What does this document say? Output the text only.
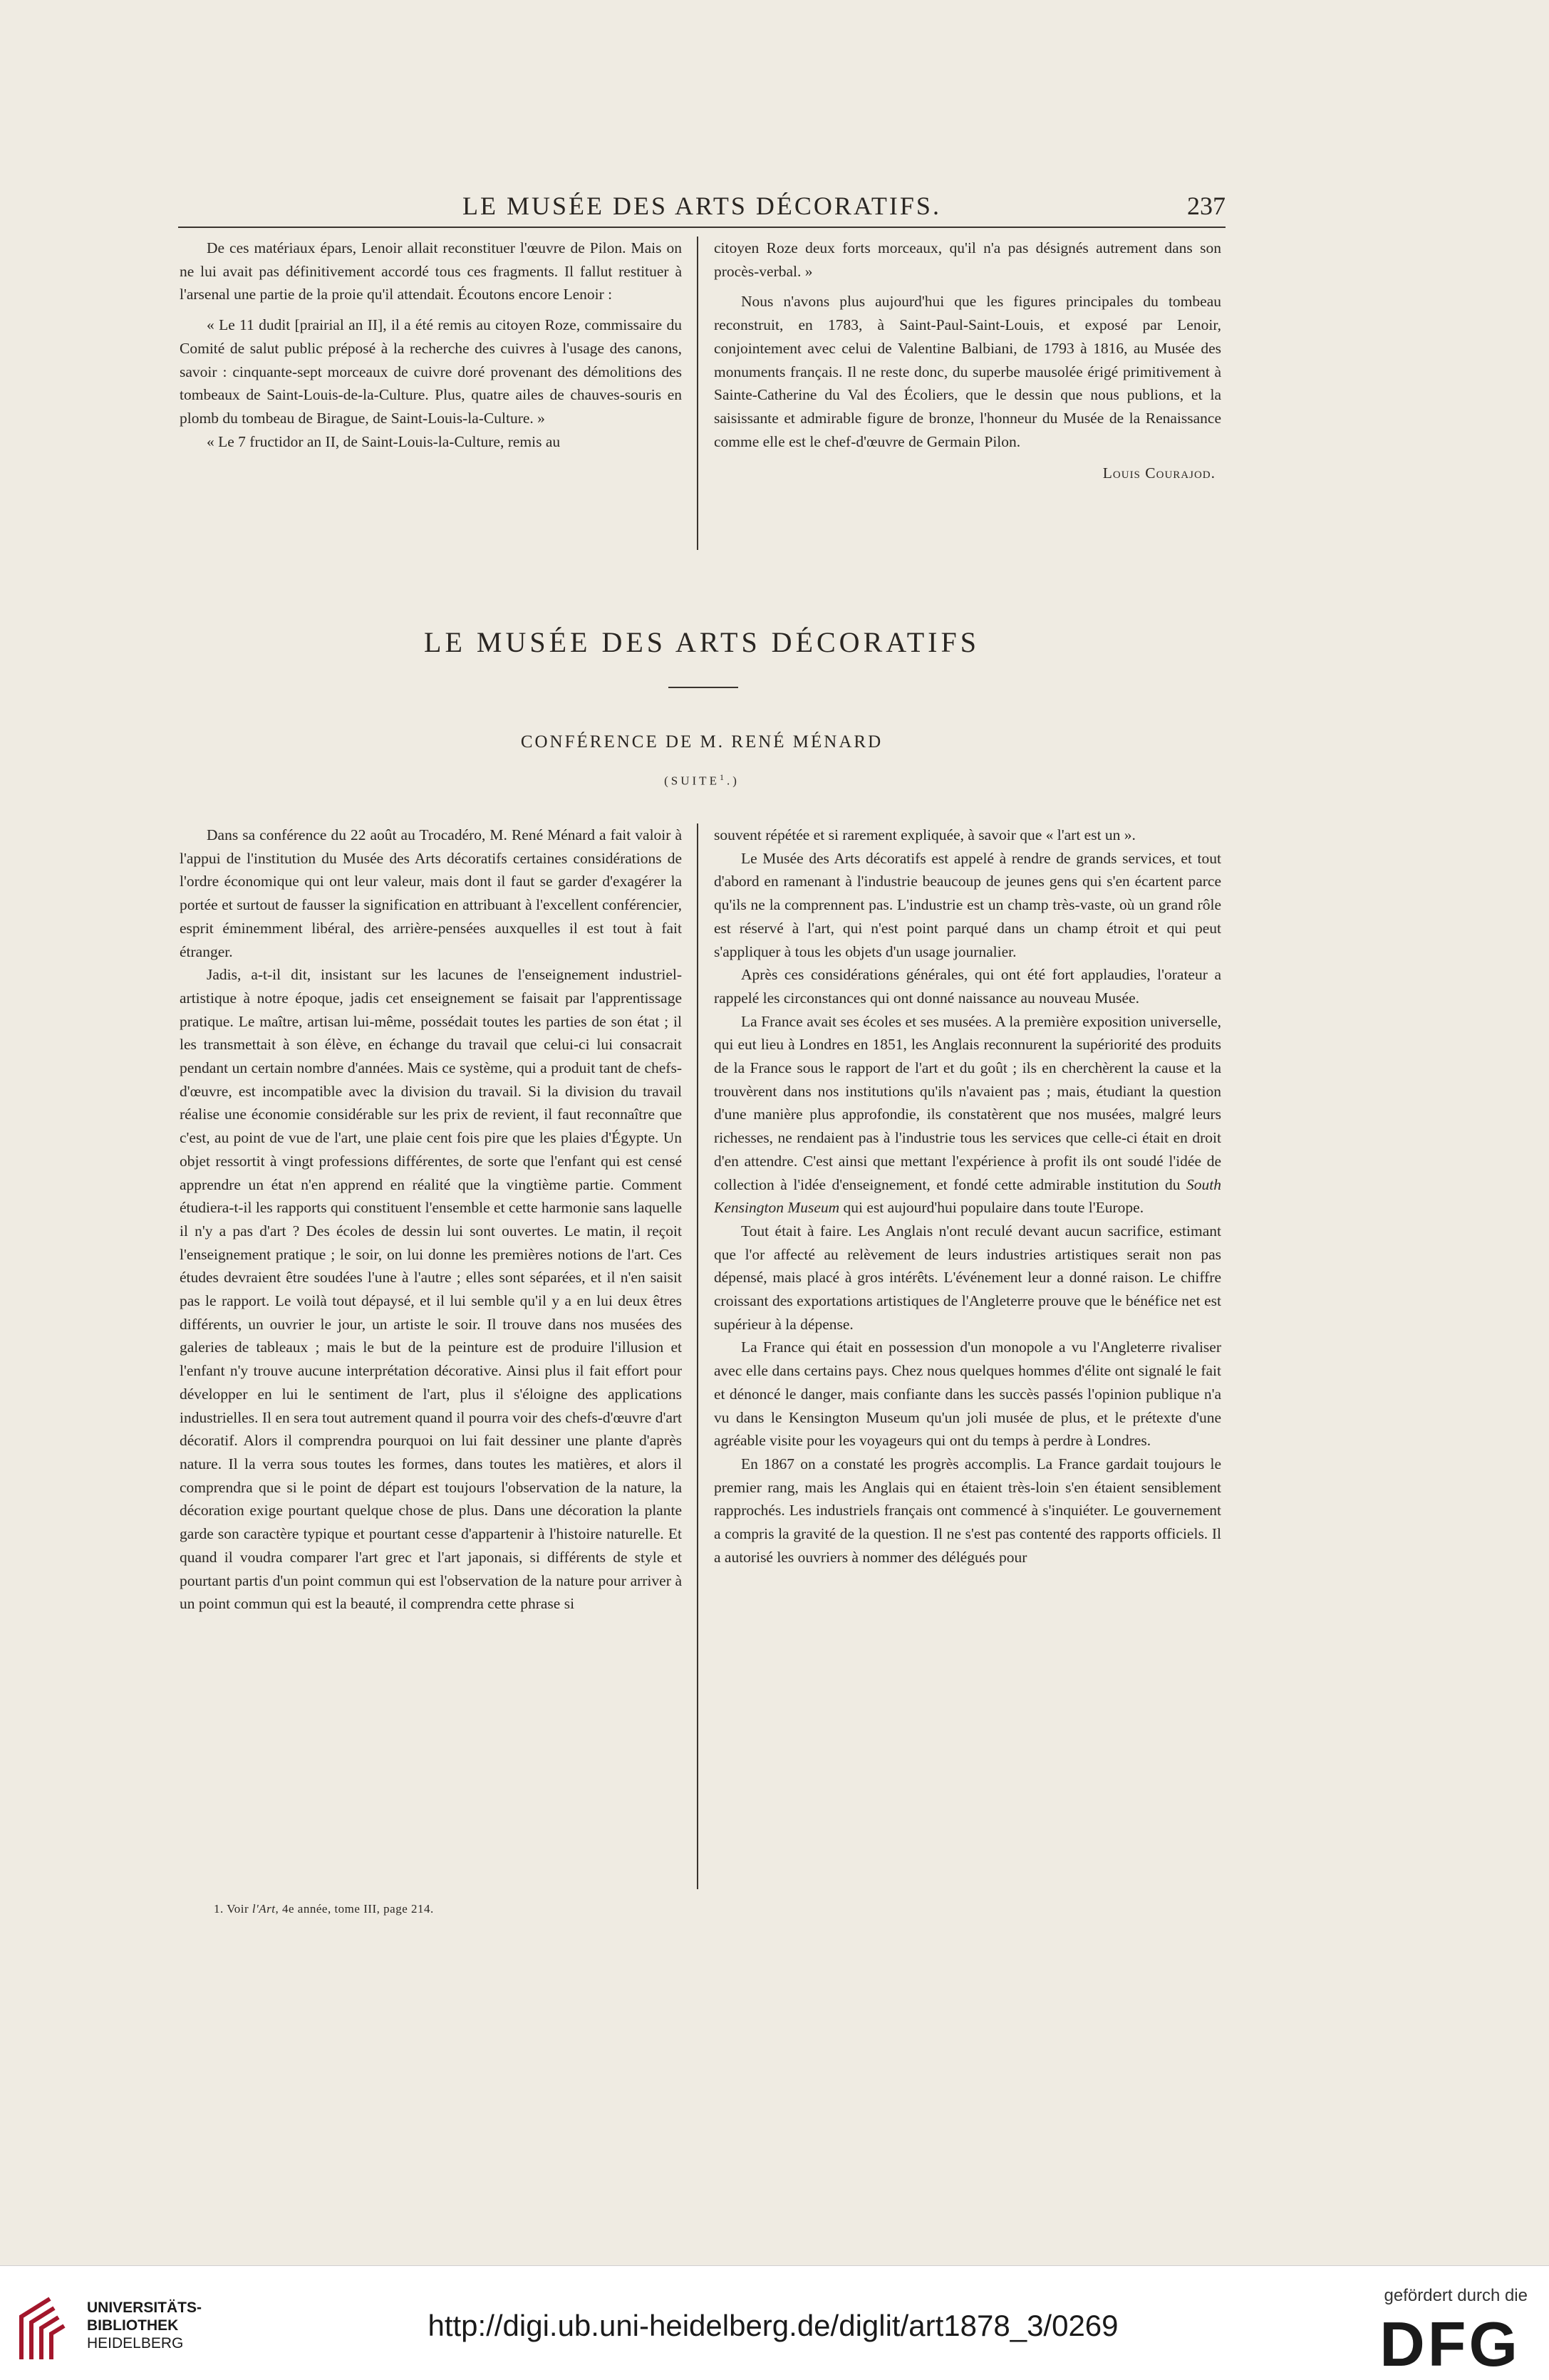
LE MUSÉE DES ARTS DÉCORATIFS.	237

De ces matériaux épars, Lenoir allait reconstituer l'œuvre de Pilon. Mais on ne lui avait pas définitivement accordé tous ces fragments. Il fallut restituer à l'arsenal une partie de la proie qu'il attendait. Écoutons encore Lenoir :

« Le 11 dudit [prairial an II], il a été remis au citoyen Roze, commissaire du Comité de salut public préposé à la recherche des cuivres à l'usage des canons, savoir : cinquante-sept morceaux de cuivre doré provenant des démolitions des tombeaux de Saint-Louis-de-la-Culture. Plus, quatre ailes de chauves-souris en plomb du tombeau de Birague, de Saint-Louis-la-Culture. »

« Le 7 fructidor an II, de Saint-Louis-la-Culture, remis au

citoyen Roze deux forts morceaux, qu'il n'a pas désignés autrement dans son procès-verbal. »

Nous n'avons plus aujourd'hui que les figures principales du tombeau reconstruit, en 1783, à Saint-Paul-Saint-Louis, et exposé par Lenoir, conjointement avec celui de Valentine Balbiani, de 1793 à 1816, au Musée des monuments français. Il ne reste donc, du superbe mausolée érigé primitivement à Sainte-Catherine du Val des Écoliers, que le dessin que nous publions, et la saisissante et admirable figure de bronze, l'honneur du Musée de la Renaissance comme elle est le chef-d'œuvre de Germain Pilon.

Louis Courajod.
LE MUSÉE DES ARTS DÉCORATIFS
CONFÉRENCE DE M. RENÉ MÉNARD
(SUITE$^1$.)

Dans sa conférence du 22 août au Trocadéro, M. René Ménard a fait valoir à l'appui de l'institution du Musée des Arts décoratifs certaines considérations de l'ordre économique qui ont leur valeur, mais dont il faut se garder d'exagérer la portée et surtout de fausser la signification en attribuant à l'excellent conférencier, esprit éminemment libéral, des arrière-pensées auxquelles il est tout à fait étranger.

Jadis, a-t-il dit, insistant sur les lacunes de l'enseignement industriel-artistique à notre époque, jadis cet enseignement se faisait par l'apprentissage pratique. Le maître, artisan lui-même, possédait toutes les parties de son état ; il les transmettait à son élève, en échange du travail que celui-ci lui consacrait pendant un certain nombre d'années. Mais ce système, qui a produit tant de chefs-d'œuvre, est incompatible avec la division du travail. Si la division du travail réalise une économie considérable sur les prix de revient, il faut reconnaître que c'est, au point de vue de l'art, une plaie cent fois pire que les plaies d'Égypte. Un objet ressortit à vingt professions différentes, de sorte que l'enfant qui est censé apprendre un état n'en apprend en réalité que la vingtième partie. Comment étudiera-t-il les rapports qui constituent l'ensemble et cette harmonie sans laquelle il n'y a pas d'art ? Des écoles de dessin lui sont ouvertes. Le matin, il reçoit l'enseignement pratique ; le soir, on lui donne les premières notions de l'art. Ces études devraient être soudées l'une à l'autre ; elles sont séparées, et il n'en saisit pas le rapport. Le voilà tout dépaysé, et il lui semble qu'il y a en lui deux êtres différents, un ouvrier le jour, un artiste le soir. Il trouve dans nos musées des galeries de tableaux ; mais le but de la peinture est de produire l'illusion et l'enfant n'y trouve aucune interprétation décorative. Ainsi plus il fait effort pour développer en lui le sentiment de l'art, plus il s'éloigne des applications industrielles. Il en sera tout autrement quand il pourra voir des chefs-d'œuvre d'art décoratif. Alors il comprendra pourquoi on lui fait dessiner une plante d'après nature. Il la verra sous toutes les formes, dans toutes les matières, et alors il comprendra que si le point de départ est toujours l'observation de la nature, la décoration exige pourtant quelque chose de plus. Dans une décoration la plante garde son caractère typique et pourtant cesse d'appartenir à l'histoire naturelle. Et quand il voudra comparer l'art grec et l'art japonais, si différents de style et pourtant partis d'un point commun qui est l'observation de la nature pour arriver à un point commun qui est la beauté, il comprendra cette phrase si

souvent répétée et si rarement expliquée, à savoir que « l'art est un ».

Le Musée des Arts décoratifs est appelé à rendre de grands services, et tout d'abord en ramenant à l'industrie beaucoup de jeunes gens qui s'en écartent parce qu'ils ne la comprennent pas. L'industrie est un champ très-vaste, où un grand rôle est réservé à l'art, qui n'est point parqué dans un champ étroit et qui peut s'appliquer à tous les objets d'un usage journalier.

Après ces considérations générales, qui ont été fort applaudies, l'orateur a rappelé les circonstances qui ont donné naissance au nouveau Musée.

La France avait ses écoles et ses musées. A la première exposition universelle, qui eut lieu à Londres en 1851, les Anglais reconnurent la supériorité des produits de la France sous le rapport de l'art et du goût ; ils en cherchèrent la cause et la trouvèrent dans nos institutions qu'ils n'avaient pas ; mais, étudiant la question d'une manière plus approfondie, ils constatèrent que nos musées, malgré leurs richesses, ne rendaient pas à l'industrie tous les services que celle-ci était en droit d'en attendre. C'est ainsi que mettant l'expérience à profit ils ont soudé l'idée de collection à l'idée d'enseignement, et fondé cette admirable institution du South Kensington Museum qui est aujourd'hui populaire dans toute l'Europe.

Tout était à faire. Les Anglais n'ont reculé devant aucun sacrifice, estimant que l'or affecté au relèvement de leurs industries artistiques serait non pas dépensé, mais placé à gros intérêts. L'événement leur a donné raison. Le chiffre croissant des exportations artistiques de l'Angleterre prouve que le bénéfice net est supérieur à la dépense.

La France qui était en possession d'un monopole a vu l'Angleterre rivaliser avec elle dans certains pays. Chez nous quelques hommes d'élite ont signalé le fait et dénoncé le danger, mais confiante dans les succès passés l'opinion publique n'a vu dans le Kensington Museum qu'un joli musée de plus, et le prétexte d'une agréable visite pour les voyageurs qui ont du temps à perdre à Londres.

En 1867 on a constaté les progrès accomplis. La France gardait toujours le premier rang, mais les Anglais qui en étaient très-loin s'en étaient sensiblement rapprochés. Les industriels français ont commencé à s'inquiéter. Le gouvernement a compris la gravité de la question. Il ne s'est pas contenté des rapports officiels. Il a autorisé les ouvriers à nommer des délégués pour

1. Voir l'Art, 4e année, tome III, page 214.
UNIVERSITÄTS-
BIBLIOTHEK
HEIDELBERG
http://digi.ub.uni-heidelberg.de/diglit/art1878_3/0269
gefördert durch die
DFG
